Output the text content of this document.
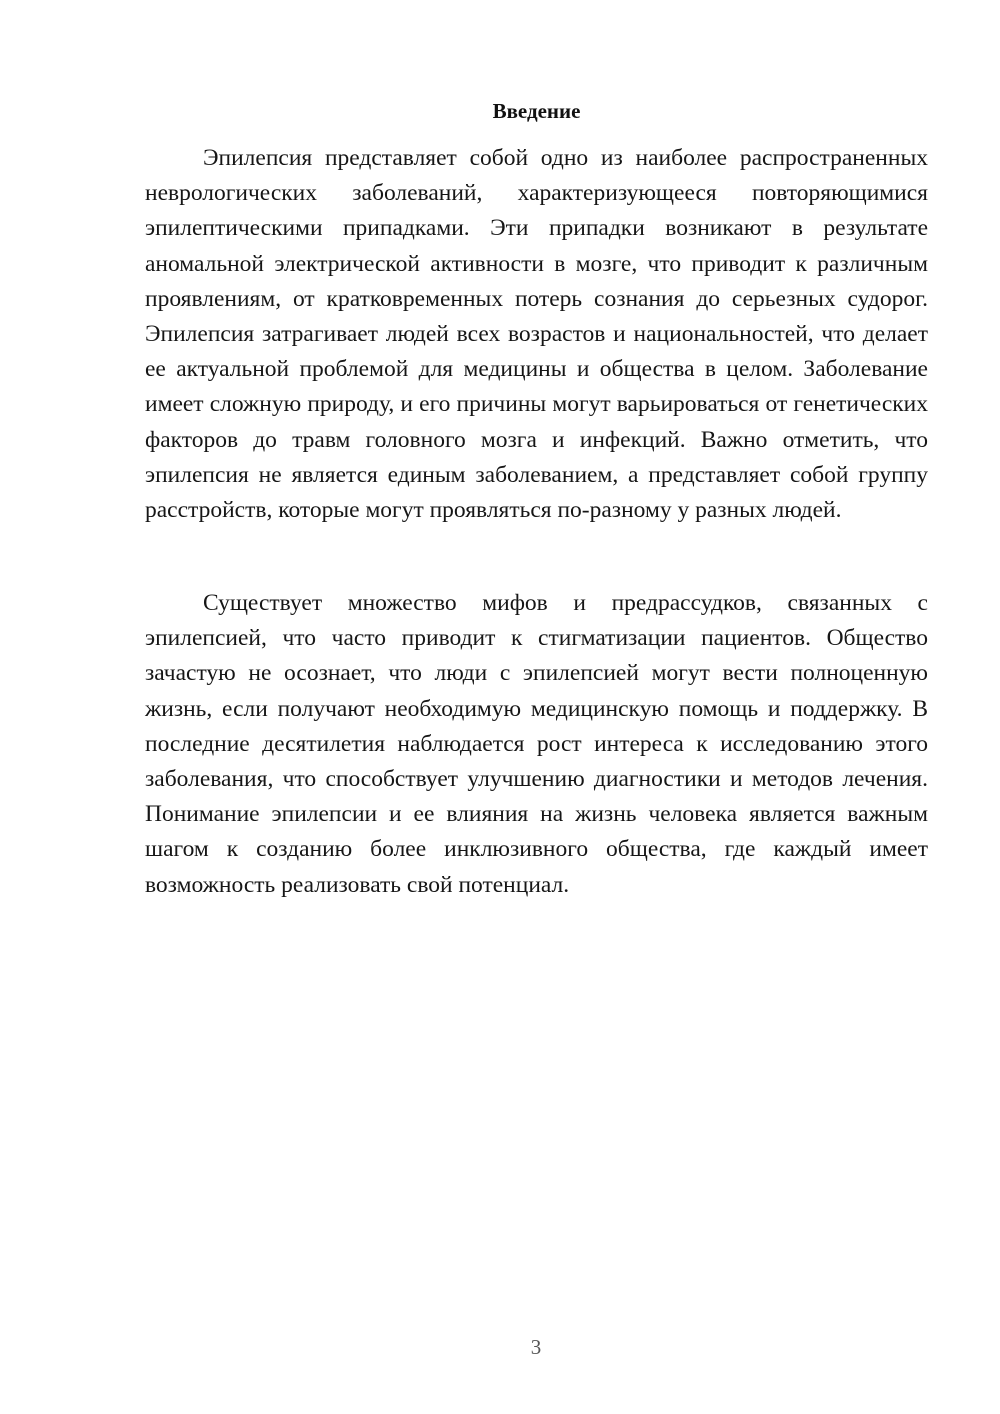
Введение

Эпилепсия представляет собой одно из наиболее распространенных неврологических заболеваний, характеризующееся повторяющимися эпилептическими припадками. Эти припадки возникают в результате аномальной электрической активности в мозге, что приводит к различным проявлениям, от кратковременных потерь сознания до серьезных судорог. Эпилепсия затрагивает людей всех возрастов и национальностей, что делает ее актуальной проблемой для медицины и общества в целом. Заболевание имеет сложную природу, и его причины могут варьироваться от генетических факторов до травм головного мозга и инфекций. Важно отметить, что эпилепсия не является единым заболеванием, а представляет собой группу расстройств, которые могут проявляться по-разному у разных людей.

Существует множество мифов и предрассудков, связанных с эпилепсией, что часто приводит к стигматизации пациентов. Общество зачастую не осознает, что люди с эпилепсией могут вести полноценную жизнь, если получают необходимую медицинскую помощь и поддержку. В последние десятилетия наблюдается рост интереса к исследованию этого заболевания, что способствует улучшению диагностики и методов лечения. Понимание эпилепсии и ее влияния на жизнь человека является важным шагом к созданию более инклюзивного общества, где каждый имеет возможность реализовать свой потенциал.

3
